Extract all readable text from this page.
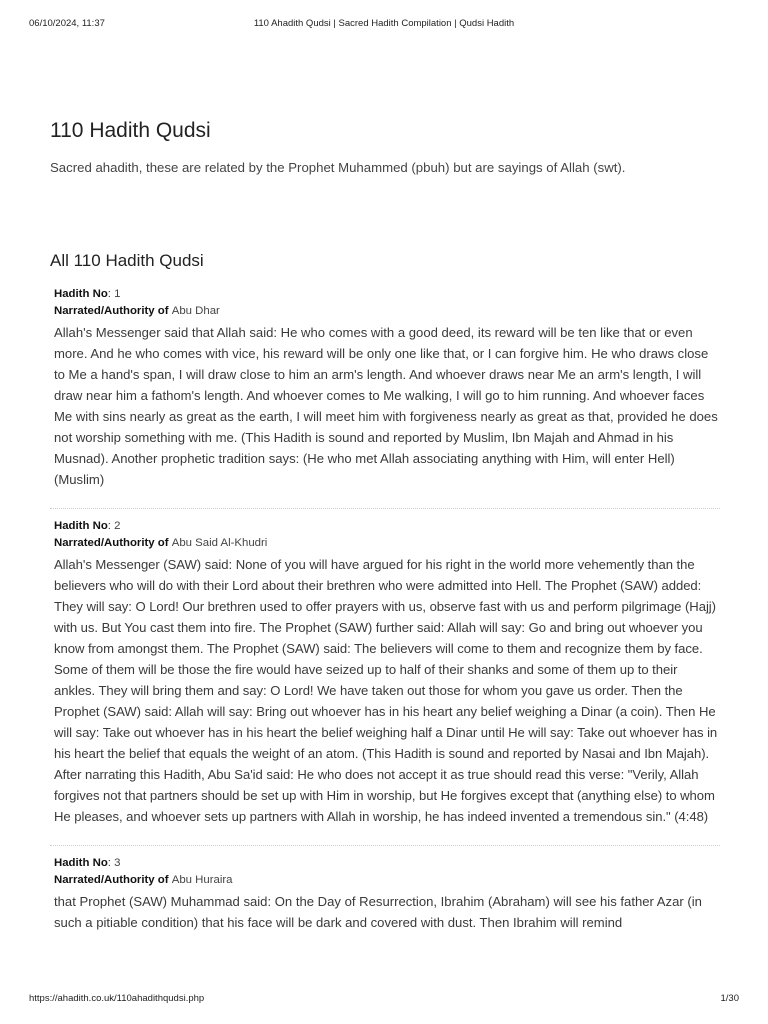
06/10/2024, 11:37	110 Ahadith Qudsi | Sacred Hadith Compilation | Qudsi Hadith
110 Hadith Qudsi

Sacred ahadith, these are related by the Prophet Muhammed (pbuh) but are sayings of Allah (swt).

All 110 Hadith Qudsi
Hadith No: 1
Narrated/Authority of Abu Dhar
Allah's Messenger said that Allah said: He who comes with a good deed, its reward will be ten like that or even more. And he who comes with vice, his reward will be only one like that, or I can forgive him. He who draws close to Me a hand's span, I will draw close to him an arm's length. And whoever draws near Me an arm's length, I will draw near him a fathom's length. And whoever comes to Me walking, I will go to him running. And whoever faces Me with sins nearly as great as the earth, I will meet him with forgiveness nearly as great as that, provided he does not worship something with me. (This Hadith is sound and reported by Muslim, Ibn Majah and Ahmad in his Musnad). Another prophetic tradition says: (He who met Allah associating anything with Him, will enter Hell) (Muslim)
Hadith No: 2
Narrated/Authority of Abu Said Al-Khudri
Allah's Messenger (SAW) said: None of you will have argued for his right in the world more vehemently than the believers who will do with their Lord about their brethren who were admitted into Hell. The Prophet (SAW) added: They will say: O Lord! Our brethren used to offer prayers with us, observe fast with us and perform pilgrimage (Hajj) with us. But You cast them into fire. The Prophet (SAW) further said: Allah will say: Go and bring out whoever you know from amongst them. The Prophet (SAW) said: The believers will come to them and recognize them by face. Some of them will be those the fire would have seized up to half of their shanks and some of them up to their ankles. They will bring them and say: O Lord! We have taken out those for whom you gave us order. Then the Prophet (SAW) said: Allah will say: Bring out whoever has in his heart any belief weighing a Dinar (a coin). Then He will say: Take out whoever has in his heart the belief weighing half a Dinar until He will say: Take out whoever has in his heart the belief that equals the weight of an atom. (This Hadith is sound and reported by Nasai and Ibn Majah). After narrating this Hadith, Abu Sa'id said: He who does not accept it as true should read this verse: "Verily, Allah forgives not that partners should be set up with Him in worship, but He forgives except that (anything else) to whom He pleases, and whoever sets up partners with Allah in worship, he has indeed invented a tremendous sin." (4:48)
Hadith No: 3
Narrated/Authority of Abu Huraira
that Prophet (SAW) Muhammad said: On the Day of Resurrection, Ibrahim (Abraham) will see his father Azar (in such a pitiable condition) that his face will be dark and covered with dust. Then Ibrahim will remind
https://ahadith.co.uk/110ahadithqudsi.php	1/30
